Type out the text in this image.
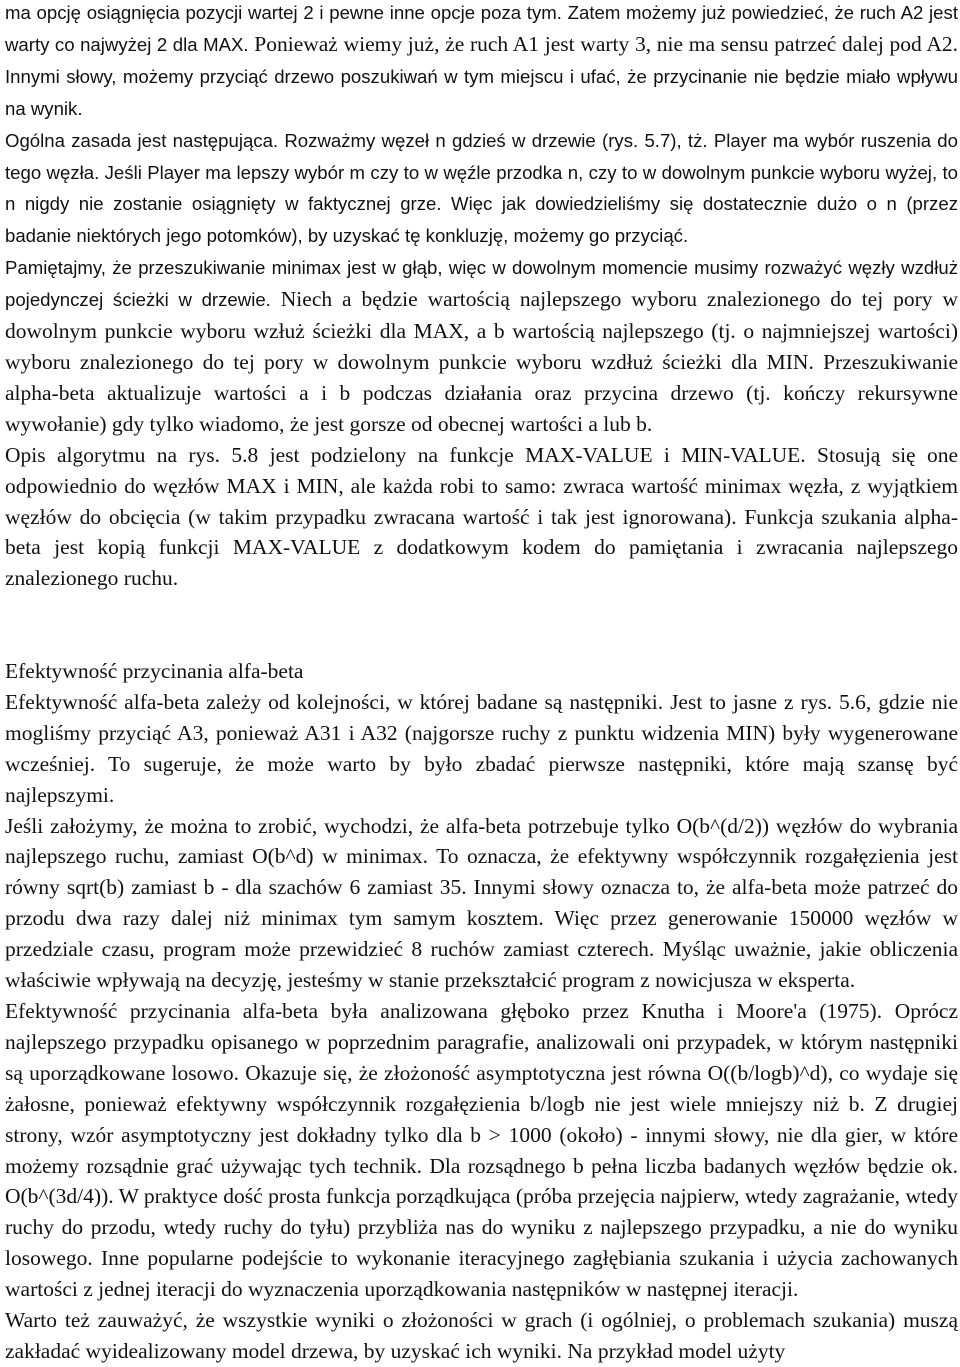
ma opcję osiągnięcia pozycji wartej 2 i pewne inne opcje poza tym. Zatem możemy już powiedzieć, że ruch A2 jest warty co najwyżej 2 dla MAX. Ponieważ wiemy już, że ruch A1 jest warty 3, nie ma sensu patrzeć dalej pod A2. Innymi słowy, możemy przyciąć drzewo poszukiwań w tym miejscu i ufać, że przycinanie nie będzie miało wpływu na wynik.

Ogólna zasada jest następująca. Rozważmy węzeł n gdzieś w drzewie (rys. 5.7), tż. Player ma wybór ruszenia do tego węzła. Jeśli Player ma lepszy wybór m czy to w węźle przodka n, czy to w dowolnym punkcie wyboru wyżej, to n nigdy nie zostanie osiągnięty w faktycznej grze. Więc jak dowiedzieliśmy się dostatecznie dużo o n (przez badanie niektórych jego potomków), by uzyskać tę konkluzję, możemy go przyciąć.

Pamiętajmy, że przeszukiwanie minimax jest w głąb, więc w dowolnym momencie musimy rozważyć węzły wzdłuż pojedynczej ścieżki w drzewie. Niech a będzie wartością najlepszego wyboru znalezionego do tej pory w dowolnym punkcie wyboru wzłuż ścieżki dla MAX, a b wartością najlepszego (tj. o najmniejszej wartości) wyboru znalezionego do tej pory w dowolnym punkcie wyboru wzdłuż ścieżki dla MIN. Przeszukiwanie alpha-beta aktualizuje wartości a i b podczas działania oraz przycina drzewo (tj. kończy rekursywne wywołanie) gdy tylko wiadomo, że jest gorsze od obecnej wartości a lub b.

Opis algorytmu na rys. 5.8 jest podzielony na funkcje MAX-VALUE i MIN-VALUE. Stosują się one odpowiednio do węzłów MAX i MIN, ale każda robi to samo: zwraca wartość minimax węzła, z wyjątkiem węzłów do obcięcia (w takim przypadku zwracana wartość i tak jest ignorowana). Funkcja szukania alpha-beta jest kopią funkcji MAX-VALUE z dodatkowym kodem do pamiętania i zwracania najlepszego znalezionego ruchu.

Efektywność przycinania alfa-beta

Efektywność alfa-beta zależy od kolejności, w której badane są następniki. Jest to jasne z rys. 5.6, gdzie nie mogliśmy przyciąć A3, ponieważ A31 i A32 (najgorsze ruchy z punktu widzenia MIN) były wygenerowane wcześniej. To sugeruje, że może warto by było zbadać pierwsze następniki, które mają szansę być najlepszymi.

Jeśli założymy, że można to zrobić, wychodzi, że alfa-beta potrzebuje tylko O(b^(d/2)) węzłów do wybrania najlepszego ruchu, zamiast O(b^d) w minimax. To oznacza, że efektywny współczynnik rozgałęzienia jest równy sqrt(b) zamiast b - dla szachów 6 zamiast 35. Innymi słowy oznacza to, że alfa-beta może patrzeć do przodu dwa razy dalej niż minimax tym samym kosztem. Więc przez generowanie 150000 węzłów w przedziale czasu, program może przewidzieć 8 ruchów zamiast czterech. Myśląc uważnie, jakie obliczenia właściwie wpływają na decyzję, jesteśmy w stanie przekształcić program z nowicjusza w eksperta.

Efektywność przycinania alfa-beta była analizowana głęboko przez Knutha i Moore'a (1975). Oprócz najlepszego przypadku opisanego w poprzednim paragrafie, analizowali oni przypadek, w którym następniki są uporządkowane losowo. Okazuje się, że złożoność asymptotyczna jest równa O((b/logb)^d), co wydaje się żałosne, ponieważ efektywny współczynnik rozgałęzienia b/logb nie jest wiele mniejszy niż b. Z drugiej strony, wzór asymptotyczny jest dokładny tylko dla b > 1000 (około) - innymi słowy, nie dla gier, w które możemy rozsądnie grać używając tych technik. Dla rozsądnego b pełna liczba badanych węzłów będzie ok. O(b^(3d/4)). W praktyce dość prosta funkcja porządkująca (próba przejęcia najpierw, wtedy zagrażanie, wtedy ruchy do przodu, wtedy ruchy do tyłu) przybliża nas do wyniku z najlepszego przypadku, a nie do wyniku losowego. Inne popularne podejście to wykonanie iteracyjnego zagłębiania szukania i użycia zachowanych wartości z jednej iteracji do wyznaczenia uporządkowania następników w następnej iteracji.

Warto też zauważyć, że wszystkie wyniki o złożoności w grach (i ogólniej, o problemach szukania) muszą zakładać wyidealizowany model drzewa, by uzyskać ich wyniki. Na przykład model użyty
